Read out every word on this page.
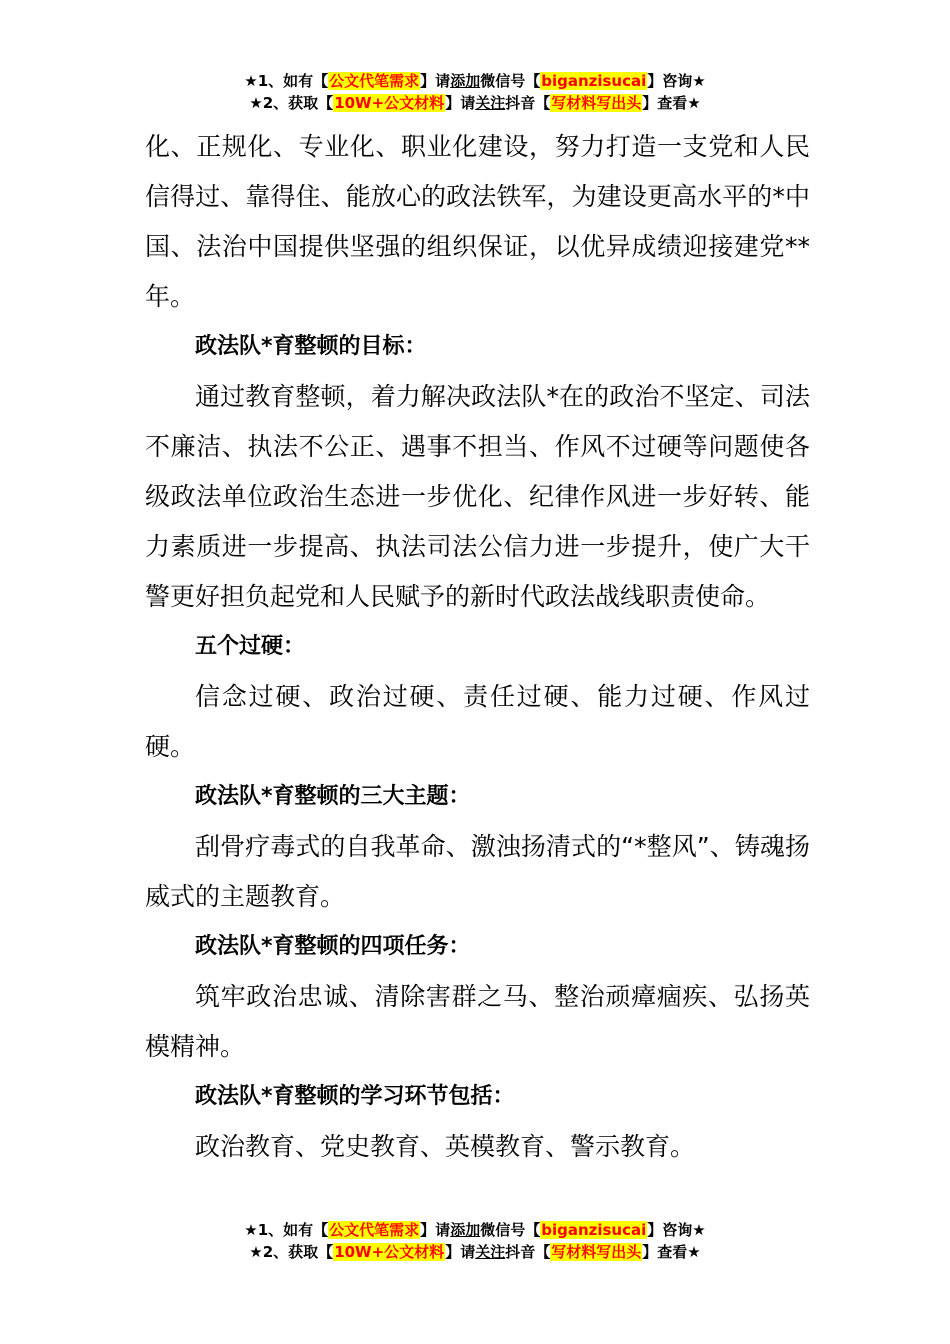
★1、如有【公文代笔需求】请添加微信号【biganzisucai】咨询★
★2、获取【10W+公文材料】请关注抖音【写材料写出头】查看★

化、正规化、专业化、职业化建设，努力打造一支党和人民信得过、靠得住、能放心的政法铁军，为建设更高水平的*中国、法治中国提供坚强的组织保证，以优异成绩迎接建党**年。

政法队*育整顿的目标：

通过教育整顿，着力解决政法队*在的政治不坚定、司法不廉洁、执法不公正、遇事不担当、作风不过硬等问题使各级政法单位政治生态进一步优化、纪律作风进一步好转、能力素质进一步提高、执法司法公信力进一步提升，使广大干警更好担负起党和人民赋予的新时代政法战线职责使命。

五个过硬：

信念过硬、政治过硬、责任过硬、能力过硬、作风过硬。

政法队*育整顿的三大主题：

刮骨疗毒式的自我革命、激浊扬清式的“*整风”、铸魂扬威式的主题教育。

政法队*育整顿的四项任务：

筑牢政治忠诚、清除害群之马、整治顽瘴痼疾、弘扬英模精神。

政法队*育整顿的学习环节包括：

政治教育、党史教育、英模教育、警示教育。

★1、如有【公文代笔需求】请添加微信号【biganzisucai】咨询★
★2、获取【10W+公文材料】请关注抖音【写材料写出头】查看★
